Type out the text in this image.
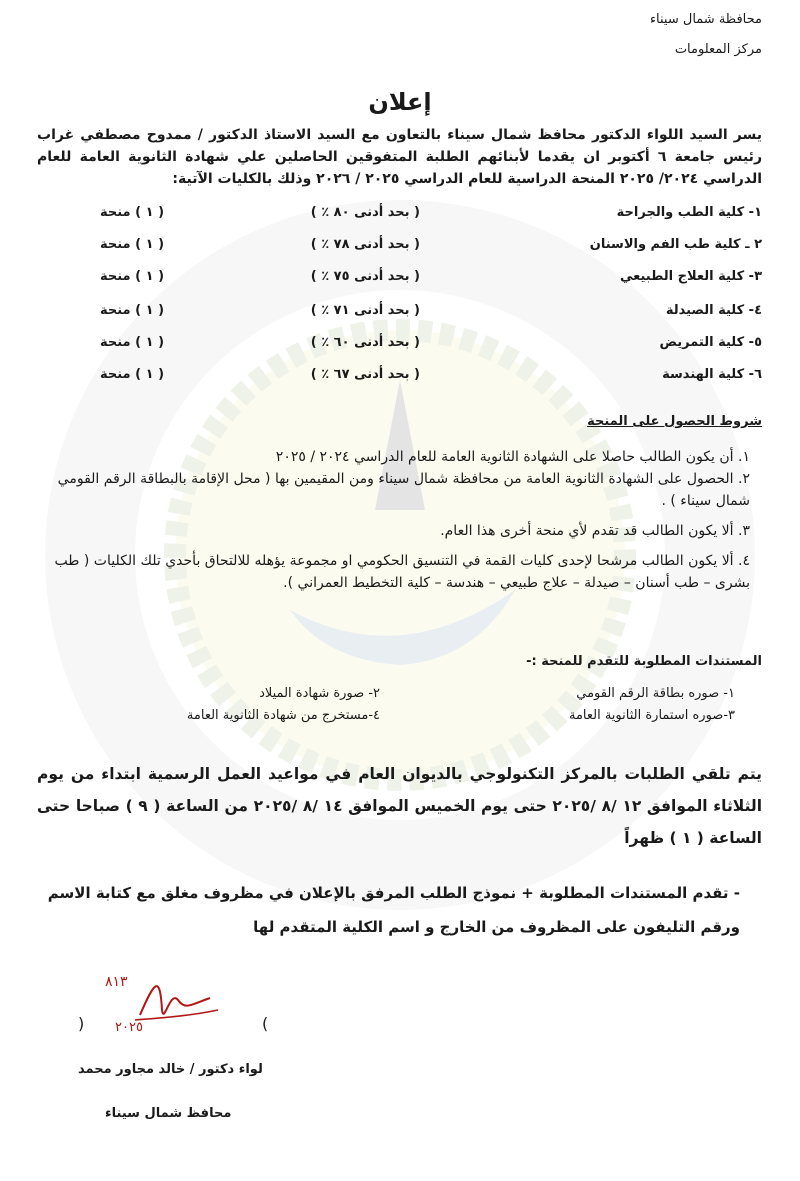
محافظة شمال سيناء
مركز المعلومات
إعلان
يسر السيد اللواء الدكتور محافظ شمال سيناء بالتعاون مع السيد الاستاذ الدكتور / ممدوح مصطفي غراب رئيس جامعة ٦ أكتوبر ان يقدما لأبنائهم الطلبة المتفوقين الحاصلين علي شهادة الثانوية العامة للعام الدراسي ٢٠٢٤/ ٢٠٢٥ المنحة الدراسية للعام الدراسي ٢٠٢٥ / ٢٠٢٦ وذلك بالكليات الآتية:
١- كلية الطب والجراحة
( بحد أدنى ٨٠ ٪ )
( ١ ) منحة
٢ ـ كلية طب الفم والاسنان
( بحد أدنى ٧٨ ٪ )
( ١ ) منحة
٣- كلية العلاج الطبيعي
( بحد أدنى ٧٥ ٪ )
( ١ ) منحة
٤- كلية الصيدلة
( بحد أدنى ٧١ ٪ )
( ١ ) منحة
٥- كلية التمريض
( بحد أدنى ٦٠ ٪ )
( ١ ) منحة
٦- كلية الهندسة
( بحد أدنى ٦٧ ٪ )
( ١ ) منحة
شروط الحصول على المنحة
١. أن يكون الطالب حاصلا على الشهادة الثانوية العامة للعام الدراسي ٢٠٢٤ / ٢٠٢٥
٢. الحصول على الشهادة الثانوية العامة من محافظة شمال سيناء ومن المقيمين بها ( محل الإقامة بالبطاقة الرقم القومي شمال سيناء ) .
٣. ألا يكون الطالب قد تقدم لأي منحة أخرى هذا العام.
٤. ألا يكون الطالب مرشحا لإحدى كليات القمة في التنسيق الحكومي او مجموعة يؤهله للالتحاق بأحدي تلك الكليات ( طب بشرى – طب أسنان – صيدلة – علاج طبيعي – هندسة – كلية التخطيط العمراني ).
المستندات المطلوبة للتقدم للمنحة :-
١- صوره بطاقة الرقم القومي
٢- صورة شهادة الميلاد
٣-صوره استمارة الثانوية العامة
٤-مستخرج من شهادة الثانوية العامة
يتم تلقي الطلبات بالمركز التكنولوجي بالديوان العام في مواعيد العمل الرسمية ابتداء من يوم الثلاثاء الموافق ١٢ /٨ /٢٠٢٥ حتى يوم الخميس الموافق ١٤ /٨ /٢٠٢٥ من الساعة ( ٩ ) صباحا حتى الساعة ( ١ ) ظهراً
- تقدم المستندات المطلوبة + نموذج الطلب المرفق بالإعلان في مظروف مغلق مع كتابة الاسم ورقم التليفون على المظروف من الخارج و اسم الكلية المتقدم لها
٨١٣
٢٠٢٥
(	)
لواء دكتور / خالد مجاور محمد
محافظ شمال سيناء
